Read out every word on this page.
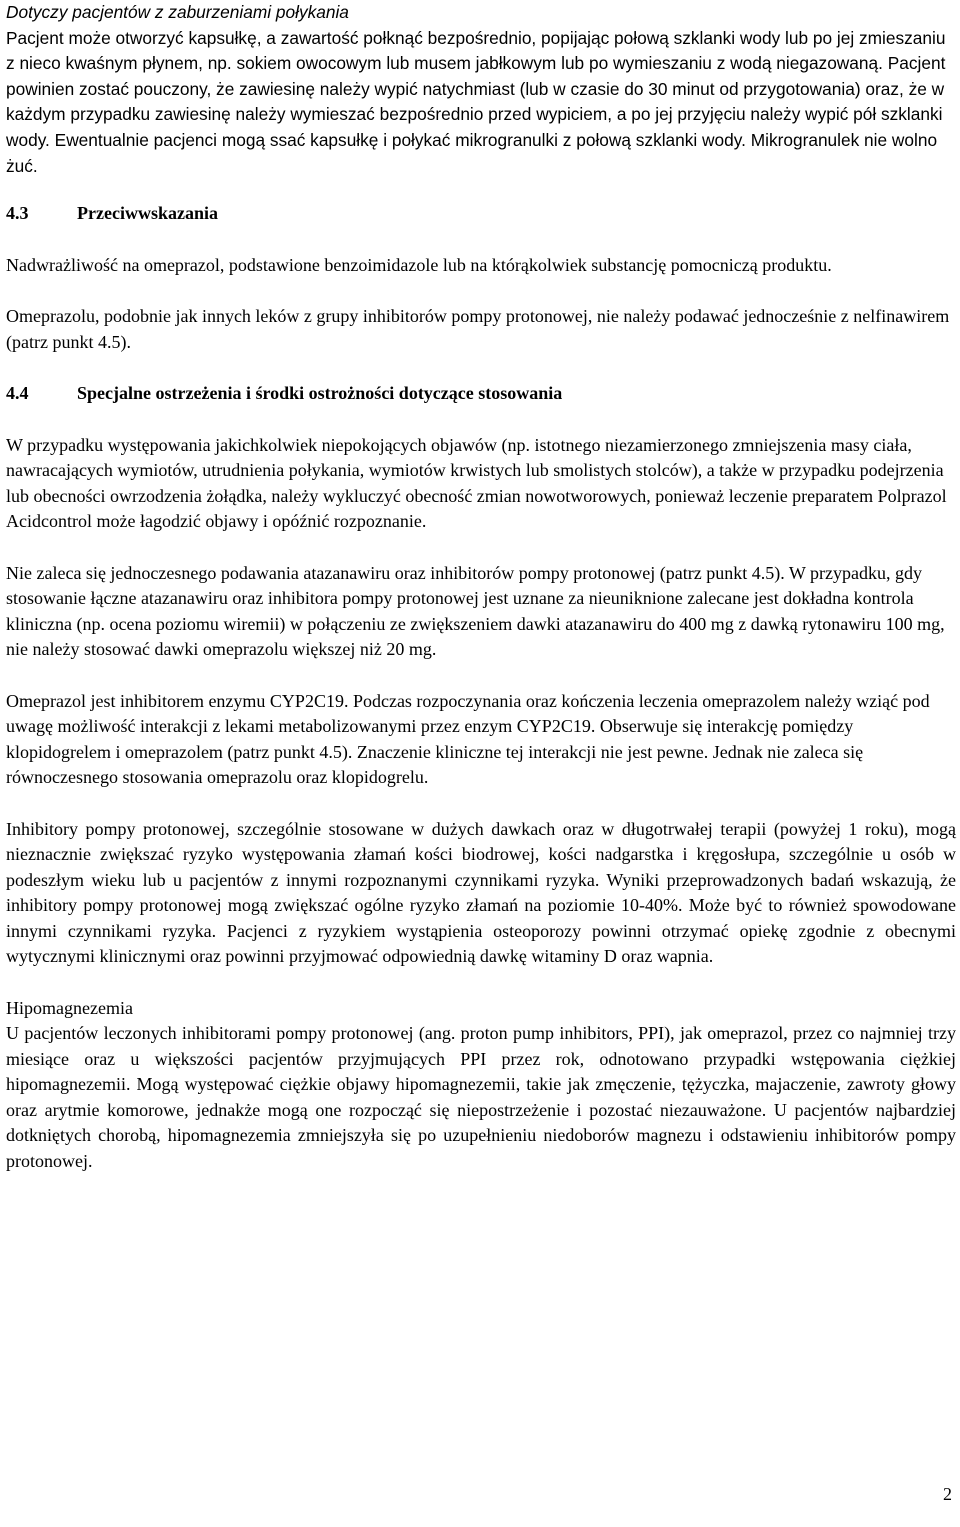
Dotyczy pacjentów z zaburzeniami połykania

Pacjent może otworzyć kapsułkę, a zawartość połknąć bezpośrednio, popijając połową szklanki wody lub po jej zmieszaniu z nieco kwaśnym płynem, np. sokiem owocowym lub musem jabłkowym lub po wymieszaniu z wodą niegazowaną. Pacjent powinien zostać pouczony, że zawiesinę należy wypić natychmiast (lub w czasie do 30 minut od przygotowania) oraz, że w każdym przypadku zawiesinę należy wymieszać bezpośrednio przed wypiciem, a po jej przyjęciu należy wypić pół szklanki wody. Ewentualnie pacjenci mogą ssać kapsułkę i połykać mikrogranulki z połową szklanki wody. Mikrogranulek nie wolno żuć.

4.3	Przeciwwskazania

Nadwrażliwość na omeprazol, podstawione benzoimidazole lub na którąkolwiek substancję pomocniczą produktu.

Omeprazolu, podobnie jak innych leków z grupy inhibitorów pompy protonowej, nie należy podawać jednocześnie z nelfinawirem (patrz punkt 4.5).

4.4	Specjalne ostrzeżenia i środki ostrożności dotyczące stosowania

W przypadku występowania jakichkolwiek niepokojących objawów (np. istotnego niezamierzonego zmniejszenia masy ciała, nawracających wymiotów, utrudnienia połykania, wymiotów krwistych lub smolistych stolców), a także w przypadku podejrzenia lub obecności owrzodzenia żołądka, należy wykluczyć obecność zmian nowotworowych, ponieważ leczenie preparatem Polprazol Acidcontrol może łagodzić objawy i opóźnić rozpoznanie.

Nie zaleca się jednoczesnego podawania atazanawiru oraz inhibitorów pompy protonowej (patrz punkt 4.5). W przypadku, gdy stosowanie łączne atazanawiru oraz inhibitora pompy protonowej jest uznane za nieuniknione zalecane jest dokładna kontrola kliniczna (np. ocena poziomu wiremii) w połączeniu ze zwiększeniem dawki atazanawiru do 400 mg z dawką rytonawiru 100 mg, nie należy stosować dawki omeprazolu większej niż 20 mg.

Omeprazol jest inhibitorem enzymu CYP2C19. Podczas rozpoczynania oraz kończenia leczenia omeprazolem należy wziąć pod uwagę możliwość interakcji z lekami metabolizowanymi przez enzym CYP2C19. Obserwuje się interakcję pomiędzy klopidogrelem i omeprazolem (patrz punkt 4.5). Znaczenie kliniczne tej interakcji nie jest pewne. Jednak nie zaleca się równoczesnego stosowania omeprazolu oraz klopidogrelu.

Inhibitory pompy protonowej, szczególnie stosowane w dużych dawkach oraz w długotrwałej terapii (powyżej 1 roku), mogą nieznacznie zwiększać ryzyko występowania złamań kości biodrowej, kości nadgarstka i kręgosłupa, szczególnie u osób w podeszłym wieku lub u pacjentów z innymi rozpoznanymi czynnikami ryzyka. Wyniki przeprowadzonych badań wskazują, że inhibitory pompy protonowej mogą zwiększać ogólne ryzyko złamań na poziomie 10-40%. Może być to również spowodowane innymi czynnikami ryzyka. Pacjenci z ryzykiem wystąpienia osteoporozy powinni otrzymać opiekę zgodnie z obecnymi wytycznymi klinicznymi oraz powinni przyjmować odpowiednią dawkę witaminy D oraz wapnia.

Hipomagnezemia

U pacjentów leczonych inhibitorami pompy protonowej (ang. proton pump inhibitors, PPI), jak omeprazol, przez co najmniej trzy miesiące oraz u większości pacjentów przyjmujących PPI przez rok, odnotowano przypadki wstępowania ciężkiej hipomagnezemii. Mogą występować ciężkie objawy hipomagnezemii, takie jak zmęczenie, tężyczka, majaczenie, zawroty głowy oraz arytmie komorowe, jednakże mogą one rozpocząć się niepostrzeżenie i pozostać niezauważone. U pacjentów najbardziej dotkniętych chorobą, hipomagnezemia zmniejszyła się po uzupełnieniu niedoborów magnezu i odstawieniu inhibitorów pompy protonowej.

2
